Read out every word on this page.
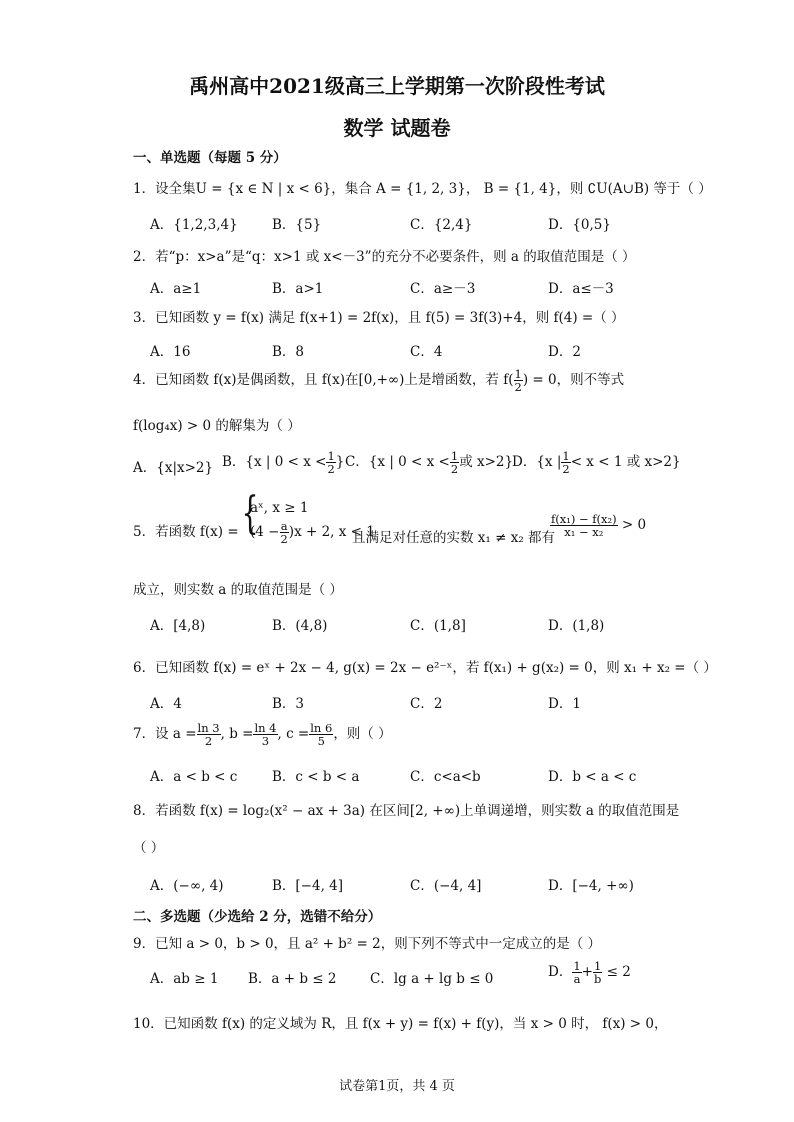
禹州高中2021级高三上学期第一次阶段性考试
数学 试题卷
一、单选题（每题 5 分）
1．设全集U = {x ∈ N | x < 6}，集合 A = {1, 2, 3}， B = {1, 4}，则 ∁U(A∪B) 等于（ ）
A．{1,2,3,4}	B．{5}	C．{2,4}	D．{0,5}
2．若“p：x>a”是“q：x>1 或 x<－3”的充分不必要条件，则 a 的取值范围是（ ）
A．a≥1	B．a>1	C．a≥－3	D．a≤－3
3．已知函数 y = f(x) 满足 f(x+1) = 2f(x)，且 f(5) = 3f(3)+4，则 f(4) =（ ）
A．16	B．8	C．4	D．2
4．已知函数 f(x)是偶函数，且 f(x)在[0,+∞)上是增函数，若 $f( \frac{1}{2}$ ) = 0，则不等式
f(log₄x) > 0 的解集为（ ）
A．{x|x>2} B．{x | $0 < x < \frac{1}{2}$ } C．{x | $0 < x < \frac{1}{2}$ 或 x>2}
D．{x | $\frac{1}{2} < x < 1$ 或 x>2}
5．若函数 f(x) = {
aˣ, x ≥ 1
$(4 - \frac{a}{2} )x + 2$, x < 1
且满足对任意的实数 x₁ ≠ x₂ 都有
$\frac{\text{f(x₁) − f(x₂)}}{\text{x₁ − x₂}} > 0$
成立，则实数 a 的取值范围是（ ）
A．[4,8)	B．(4,8)	C．(1,8]	D．(1,8)
6．已知函数 f(x) = eˣ + 2x − 4, g(x) = 2x − e²⁻ˣ，若 f(x₁) + g(x₂) = 0，则 x₁ + x₂ =（ ）
A．4	B．3	C．2	D．1
7．设 $a = \frac{\ln 3}{2}$ , $b = \frac{\ln 4}{3}$ , $c = \frac{\ln 6}{5}$ ，则（ ）
A．a < b < c	B．c < b < a	C．c<a<b	D．b < a < c
8．若函数 f(x) = log₂(x² − ax + 3a) 在区间[2, +∞)上单调递增，则实数 a 的取值范围是
（ ）
A．(−∞, 4)	B．[−4, 4]	C．(−4, 4]	D．[−4, +∞)
二、多选题（少选给 2 分，选错不给分）
9．已知 a > 0，b > 0，且 a² + b² = 2，则下列不等式中一定成立的是（ ）
A．ab ≥ 1 B．a + b ≤ 2 C．lg a + lg b ≤ 0	D． $\frac{1}{a} + \frac{1}{b} \le 2$
10．已知函数 f(x) 的定义域为 R，且 f(x + y) = f(x) + f(y)，当 x > 0 时， f(x) > 0，
试卷第1页，共 4 页
